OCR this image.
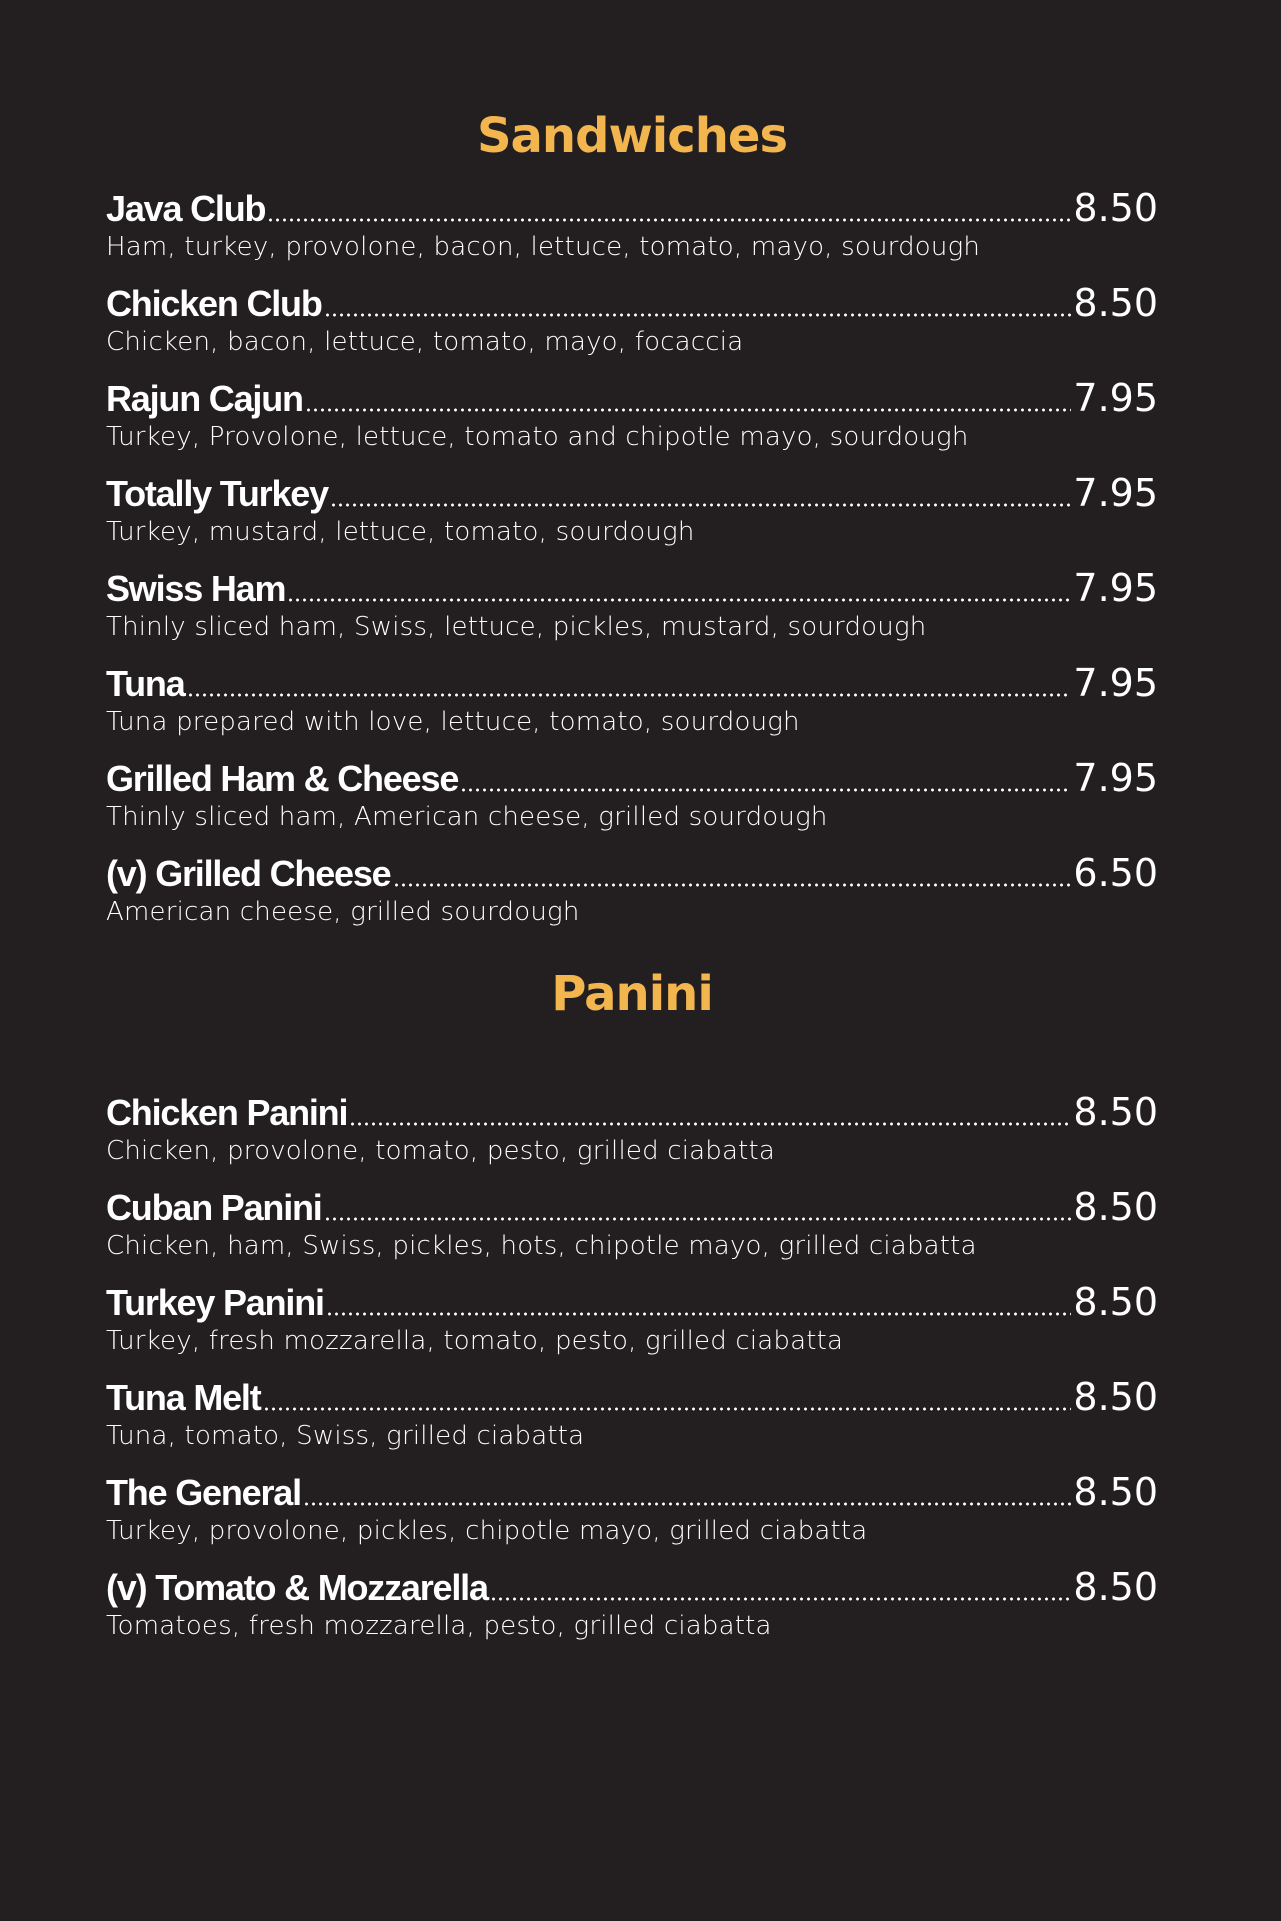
Sandwiches
Java Club	8.50
Ham, turkey, provolone, bacon, lettuce, tomato, mayo, sourdough
Chicken Club	8.50
Chicken, bacon, lettuce, tomato, mayo, focaccia
Rajun Cajun	7.95
Turkey, Provolone, lettuce, tomato and chipotle mayo, sourdough
Totally Turkey	7.95
Turkey, mustard, lettuce, tomato, sourdough
Swiss Ham	7.95
Thinly sliced ham, Swiss, lettuce, pickles, mustard, sourdough
Tuna	7.95
Tuna prepared with love, lettuce, tomato, sourdough
Grilled Ham & Cheese	7.95
Thinly sliced ham, American cheese, grilled sourdough
(v) Grilled Cheese	6.50
American cheese, grilled sourdough
Panini
Chicken Panini	8.50
Chicken, provolone, tomato, pesto, grilled ciabatta
Cuban Panini	8.50
Chicken, ham, Swiss, pickles, hots, chipotle mayo, grilled ciabatta
Turkey Panini	8.50
Turkey, fresh mozzarella, tomato, pesto, grilled ciabatta
Tuna Melt	8.50
Tuna, tomato, Swiss, grilled ciabatta
The General	8.50
Turkey, provolone, pickles, chipotle mayo, grilled ciabatta
(v) Tomato & Mozzarella	8.50
Tomatoes, fresh mozzarella, pesto, grilled ciabatta
